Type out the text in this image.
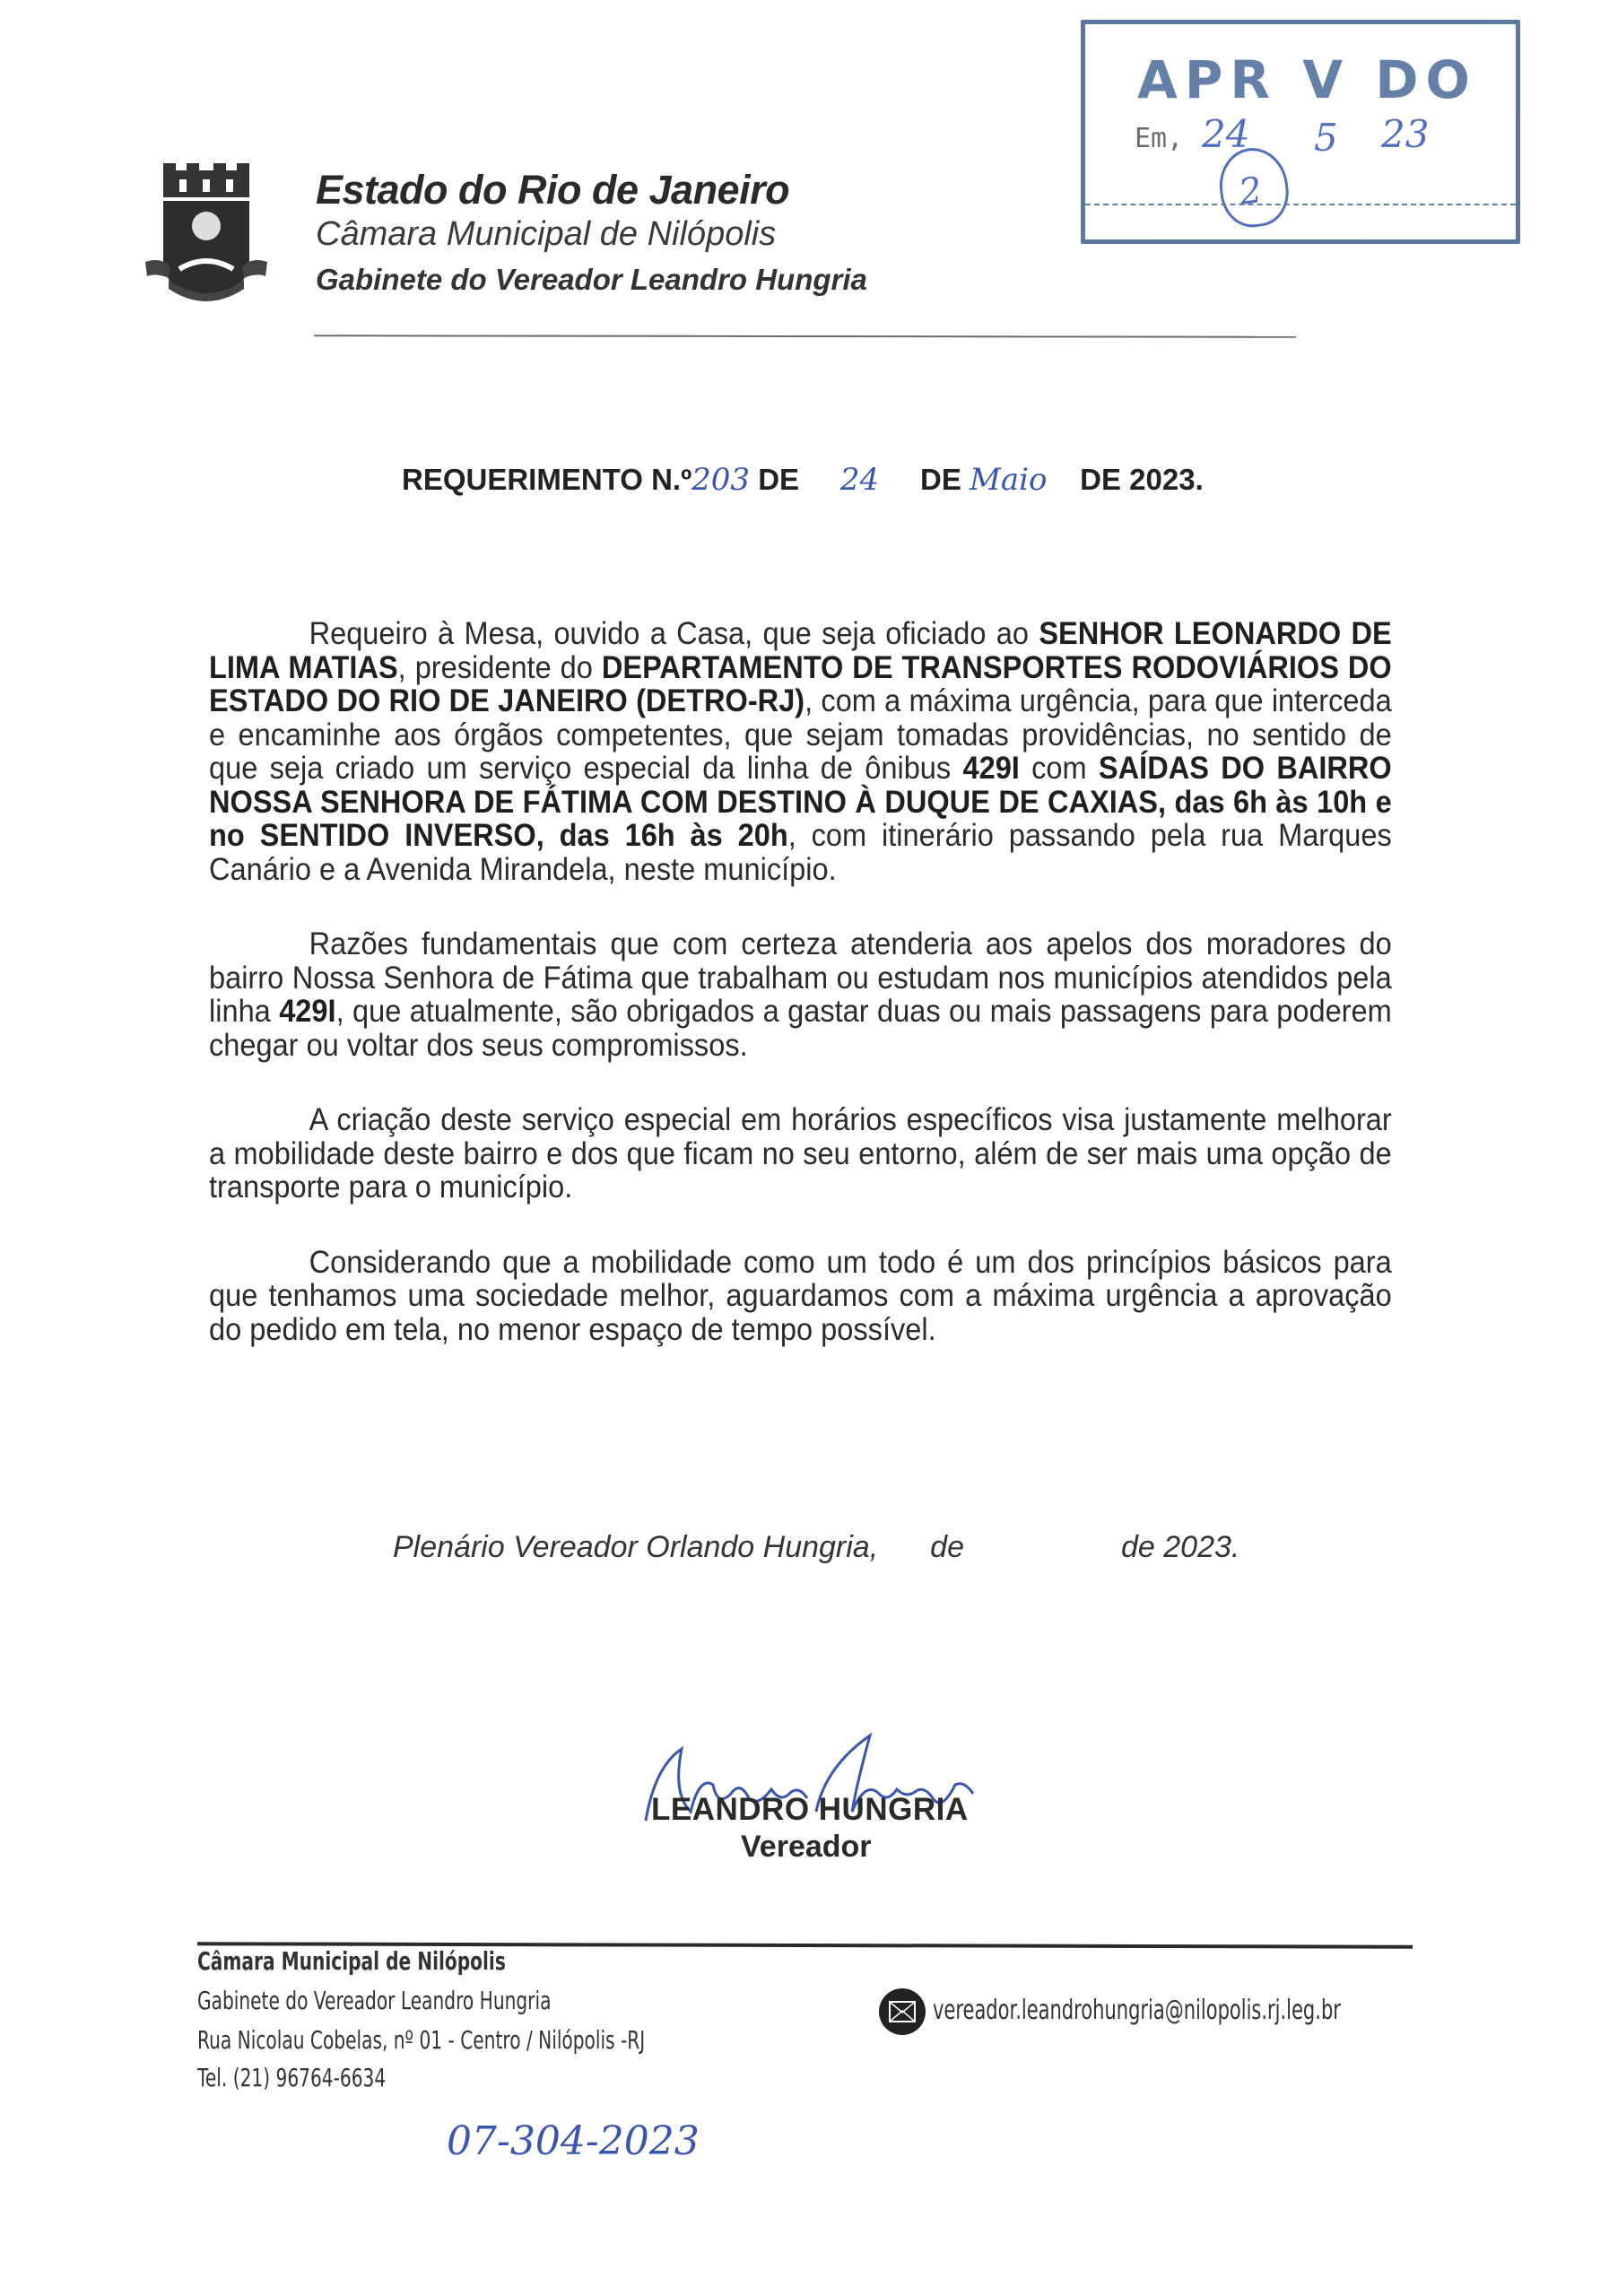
Estado do Rio de Janeiro
Câmara Municipal de Nilópolis
Gabinete do Vereador Leandro Hungria
APR V DO
Em, 24 5 23
2
REQUERIMENTO N.º203 DE 24 DE Maio DE 2023.

Requeiro à Mesa, ouvido a Casa, que seja oficiado ao SENHOR LEONARDO DE LIMA MATIAS, presidente do DEPARTAMENTO DE TRANSPORTES RODOVIÁRIOS DO ESTADO DO RIO DE JANEIRO (DETRO-RJ), com a máxima urgência, para que interceda e encaminhe aos órgãos competentes, que sejam tomadas providências, no sentido de que seja criado um serviço especial da linha de ônibus 429I com SAÍDAS DO BAIRRO NOSSA SENHORA DE FÁTIMA COM DESTINO À DUQUE DE CAXIAS, das 6h às 10h e no SENTIDO INVERSO, das 16h às 20h, com itinerário passando pela rua Marques Canário e a Avenida Mirandela, neste município.

Razões fundamentais que com certeza atenderia aos apelos dos moradores do bairro Nossa Senhora de Fátima que trabalham ou estudam nos municípios atendidos pela linha 429I, que atualmente, são obrigados a gastar duas ou mais passagens para poderem chegar ou voltar dos seus compromissos.

A criação deste serviço especial em horários específicos visa justamente melhorar a mobilidade deste bairro e dos que ficam no seu entorno, além de ser mais uma opção de transporte para o município.

Considerando que a mobilidade como um todo é um dos princípios básicos para que tenhamos uma sociedade melhor, aguardamos com a máxima urgência a aprovação do pedido em tela, no menor espaço de tempo possível.

Plenário Vereador Orlando Hungria, de	de 2023.
LEANDRO HUNGRIA
Vereador
Câmara Municipal de Nilópolis
Gabinete do Vereador Leandro Hungria
Rua Nicolau Cobelas, nº 01 - Centro / Nilópolis -RJ
Tel. (21) 96764-6634
vereador.leandrohungria@nilopolis.rj.leg.br
07-304-2023
